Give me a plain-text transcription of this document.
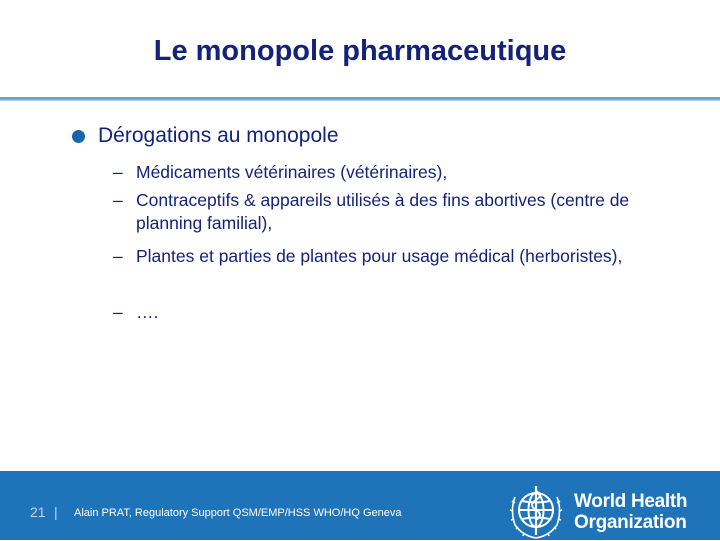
Le monopole pharmaceutique
Dérogations au monopole
– Médicaments vétérinaires (vétérinaires),
– Contraceptifs & appareils utilisés à des fins abortives (centre de planning familial),
– Plantes et parties de plantes pour usage médical (herboristes),
– ….
21 | Alain PRAT, Regulatory Support QSM/EMP/HSS WHO/HQ Geneva
World Health
Organization
